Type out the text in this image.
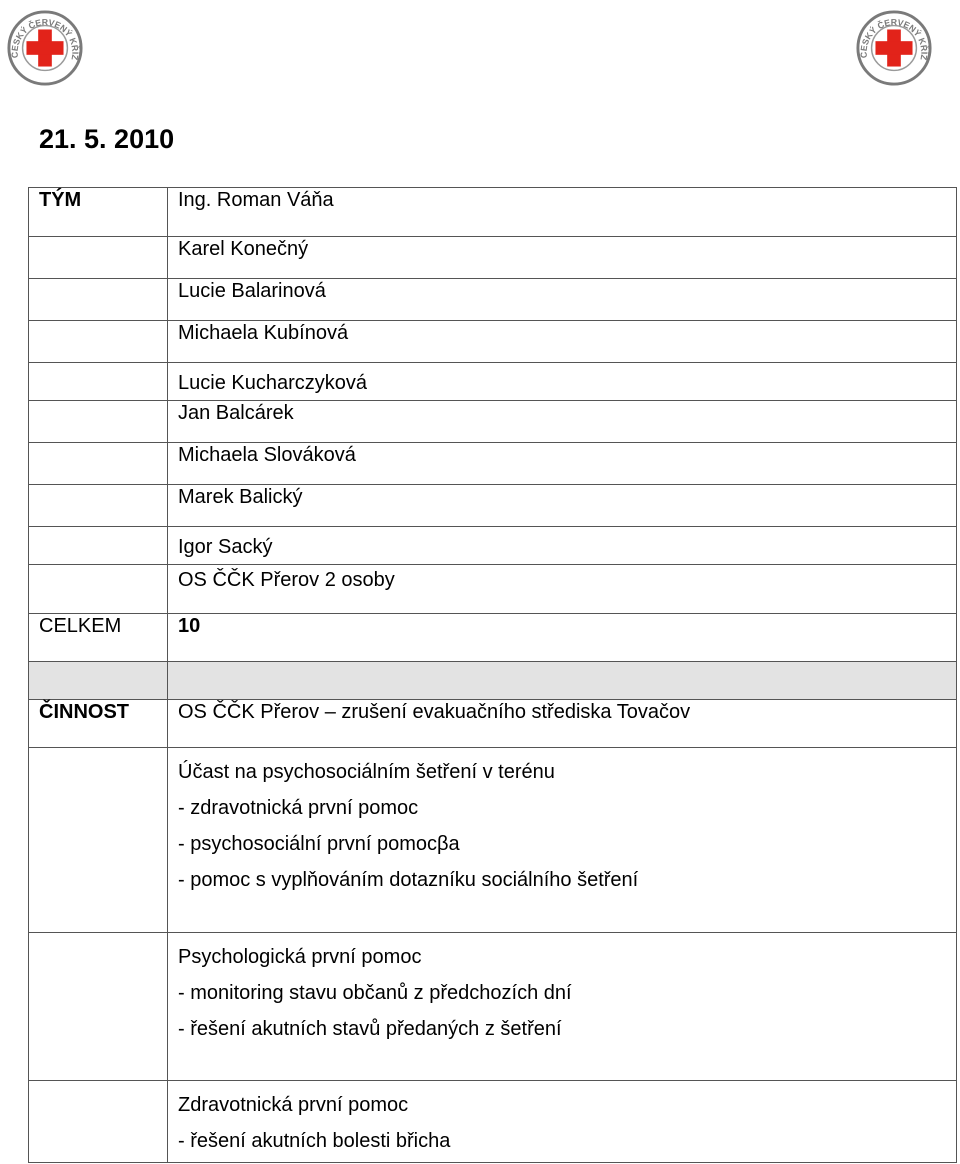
ČESKÝ ČERVENÝ KŘÍŽ	ČESKÝ ČERVENÝ KŘÍŽ
21. 5. 2010
TÝM	Ing. Roman Váňa
	Karel Konečný
	Lucie Balarinová
	Michaela Kubínová
	Lucie Kucharczyková
	Jan Balcárek
	Michaela Slováková
	Marek Balický
	Igor Sacký
	OS ČČK Přerov 2 osoby
CELKEM	10

ČINNOST	OS ČČK Přerov – zrušení evakuačního střediska Tovačov

	Účast na psychosociálním šetření v terénu
- zdravotnická první pomoc
- psychosociální první pomocβa
- pomoc s vyplňováním dotazníku sociálního šetření

	Psychologická první pomoc
- monitoring stavu občanů z předchozích dní
- řešení akutních stavů předaných z šetření

	Zdravotnická první pomoc
- řešení akutních bolesti břicha
